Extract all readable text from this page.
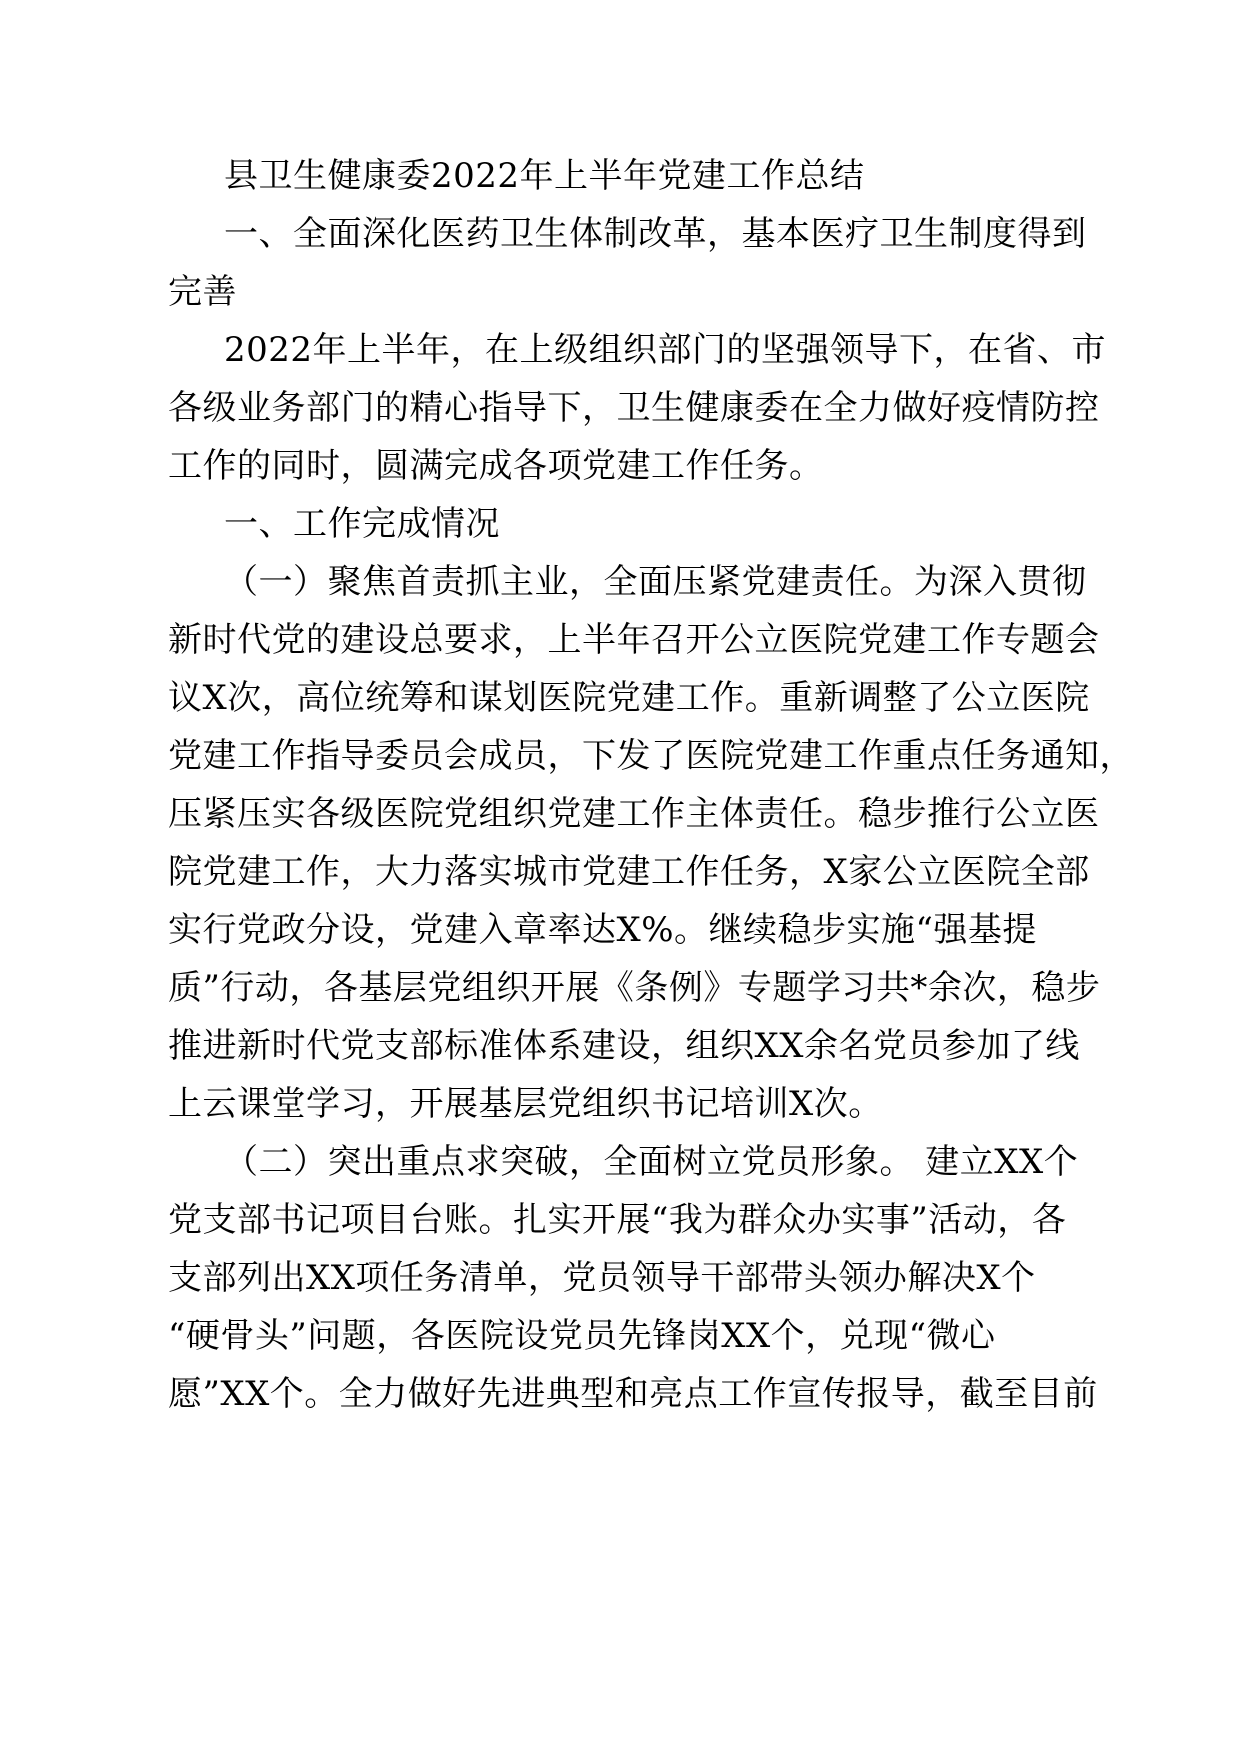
县卫生健康委2022年上半年党建工作总结
一、全面深化医药卫生体制改革，基本医疗卫生制度得到
完善
2022年上半年，在上级组织部门的坚强领导下，在省、市
各级业务部门的精心指导下，卫生健康委在全力做好疫情防控
工作的同时，圆满完成各项党建工作任务。
一、工作完成情况
（一）聚焦首责抓主业，全面压紧党建责任。为深入贯彻
新时代党的建设总要求，上半年召开公立医院党建工作专题会
议X次，高位统筹和谋划医院党建工作。重新调整了公立医院
党建工作指导委员会成员，下发了医院党建工作重点任务通知，
压紧压实各级医院党组织党建工作主体责任。稳步推行公立医
院党建工作，大力落实城市党建工作任务，X家公立医院全部
实行党政分设，党建入章率达X%。继续稳步实施“强基提
质”行动，各基层党组织开展《条例》专题学习共*余次，稳步
推进新时代党支部标准体系建设，组织XX余名党员参加了线
上云课堂学习，开展基层党组织书记培训X次。
（二）突出重点求突破，全面树立党员形象。 建立XX个
党支部书记项目台账。扎实开展“我为群众办实事”活动，各
支部列出XX项任务清单，党员领导干部带头领办解决X个
“硬骨头”问题，各医院设党员先锋岗XX个，兑现“微心
愿”XX个。全力做好先进典型和亮点工作宣传报导，截至目前
